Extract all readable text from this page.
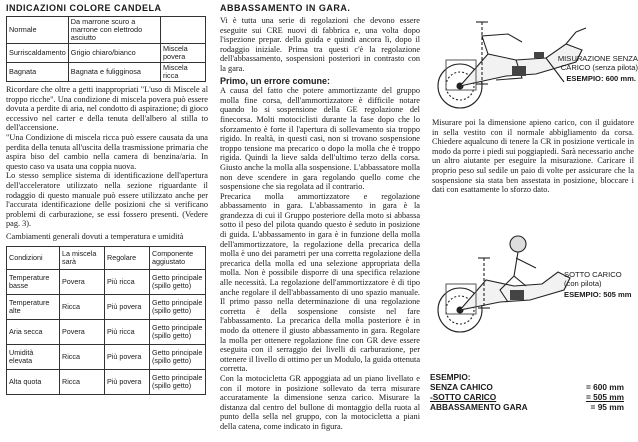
INDICAZIONI COLORE CANDELA
Normale	Da marrone scuro a marrone con elettrodo asciutto	
Surriscaldamento	Grigio chiaro/bianco	Miscela povera
Bagnata	Bagnata e fuligginosa	Miscela ricca
Ricordare che oltre a getti inappropriati "L'uso di Miscele al troppo ricche". Una condizione di miscela povera può essere dovuta a perdite di aria, nel condotto di aspirazione; di gioco eccessivo nel carter e della tenuta dell'albero al stilla to dell'accensione.
"Una Condizione di miscela ricca può essere causata da una perdita della tenuta all'uscita della trasmissione primaria che aspira biso del cambio nella camera di benzina/aria. In questo caso va usata una coppia nuova.
Lo stesso semplice sistema di identificazione dell'apertura dell'acceleratore utilizzato nella sezione riguardante il rodaggio di questo manuale può essere utilizzato anche per l'accurata identificazione delle posizioni che si verificano problemi di carburazione, se essi fossero presenti. (Vedere pag. 3).
Cambiamenti generali dovuti a temperatura e umidità
Condizioni	La miscela sarà	Regolare	Componente aggiustato
Temperature basse	Povera	Più ricca	Getto principale (spillo getto)
Temperature alte	Ricca	Più povera	Getto principale (spillo getto)
Aria secca	Povera	Più ricca	Getto principale (spillo getto)
Umidità elevata	Ricca	Più povera	Getto principale (spillo getto)
Alta quota	Ricca	Più povera	Getto principale (spillo getto)
ABBASSAMENTO IN GARA.
Vi è tutta una serie di regolazioni che devono essere eseguite sui CRE nuovi di fabbrica e, una volta dopo l'ispezione prepar. della guida e quindi ancora lì, dopo il rodaggio iniziale. Prima tra questi c'è la regolazione dell'abbassamento, sospensioni posteriori in contrasto con la gara.
Primo, un errore comune:
A causa del fatto che potere ammortizzante del gruppo molla fine corsa, dell'ammortizzatore è difficile notare quando lo si sospensione della GE regolazione del finecorsa. Molti motociclisti durante la fase dopo che lo sforzamento è forte il l'apertura di sollevamento sia troppo rigido. In realtà, in questi casi, non si trovano sospensione troppo tensione ma precarico o dopo la molla che è troppo rigida. Quindi la lieve salda dell'ultimo terzo della corsa. Giusto anche la molla alla sospensione. L'abbassatore molla non deve scendere in gara regolando quello come che sospensione che sia regolata ad il contrario.
Precarica molla ammortizzatore e regolazione abbassamento in gara. L'abbassamento in gara è la grandezza di cui il Gruppo posteriore della moto si abbassa sotto il peso del pilota quando questo è seduto in posizione di guida. L'abbassamento in gara è in funzione della molla dell'ammortizzatore, la regolazione della precarica della molla è uno dei parametri per una corretta regolazione della precarica della molla ed una selezione appropriata della molla. Non è possibile disporre di una specifica relazione alle necessità. La regolazione dell'ammortizzatore è di tipo anche regolare il dell'abbassamento di uno spazio manuale. Il primo passo nella determinazione di una regolazione corretta è della sospensione consiste nel fare l'abbassamento. La precarica della molla posteriore è in modo da ottenere il giusto abbassamento in gara. Regolare la molla per ottenere regolazione fine con GR deve essere eseguita con il serraggio dei livelli di carburazione, per ottenere il livello di ottimo per un Modulo, la guida ottenuta corretta.
Con la motocicletta GR appoggiata ad un piano livellato e con il motore in posizione sollevato da terra misurare accuratamente la dimensione senza carico. Misurare la distanza dal centro del bullone di montaggio della ruota al punto della sella nel gruppo, con la motocicletta a piani della catena, come indicato in figura.
MISURAZIONE SENZA CARICO (senza pilota)
ESEMPIO: 600 mm.
Misurare poi la dimensione apieno carico, con il guidatore in sella vestito con il normale abbigliamento da corsa. Chiedere aqualcuno di tenere la CR in posizione verticale in modo da porre i piedi sui poggiapiedi. Sarà necessario anche un altro aiutante per eseguire la misurazione. Caricare il proprio peso sul sedile un paio di volte per assicurare che la sospensione sia stata ben assestata in posizione, bloccare i dati con esattamente lo sforzo dato.
SOTTO CARICO (con pilota)
ESEMPIO: 505 mm
ESEMPIO:
SENZA CAHICO	= 600 mm
-SOTTO CARICO	= 505 mm
ABBASSAMENTO GARA	= 95 mm
